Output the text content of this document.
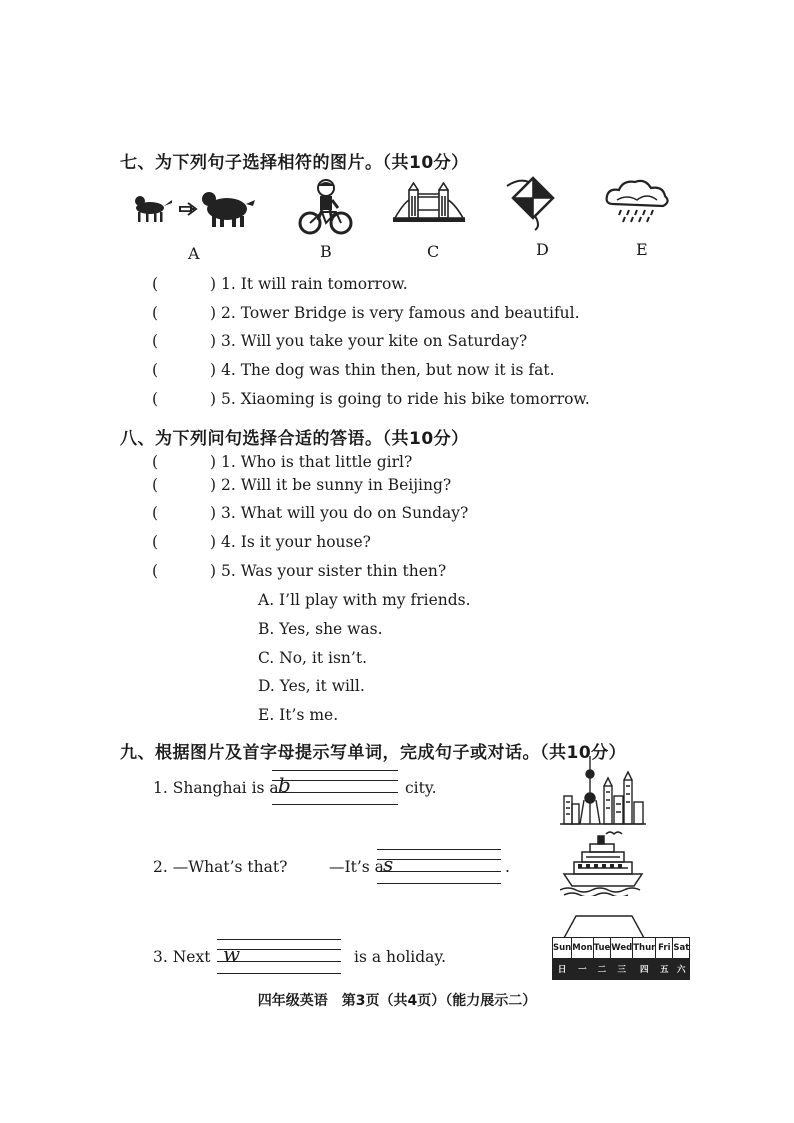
七、为下列句子选择相符的图片。（共10分）
A	B	C	D	E
(	) 1. It will rain tomorrow.
(	) 2. Tower Bridge is very famous and beautiful.
(	) 3. Will you take your kite on Saturday?
(	) 4. The dog was thin then, but now it is fat.
(	) 5. Xiaoming is going to ride his bike tomorrow.
八、为下列问句选择合适的答语。（共10分）
(	) 1. Who is that little girl?
(	) 2. Will it be sunny in Beijing?
(	) 3. What will you do on Sunday?
(	) 4. Is it your house?
(	) 5. Was your sister thin then?
A. I’ll play with my friends.
B. Yes, she was.
C. No, it isn’t.
D. Yes, it will.
E. It’s me.
九、根据图片及首字母提示写单词，完成句子或对话。（共10分）
1. Shanghai is a b	city.
2. —What’s that?	—It’s a s	.
3. Next w	is a holiday.	Sun	Mon	Tue	Wed	Thur	Fri	Sat
日	一	二	三	四	五	六
四年级英语　第3页（共4页）（能力展示二）
